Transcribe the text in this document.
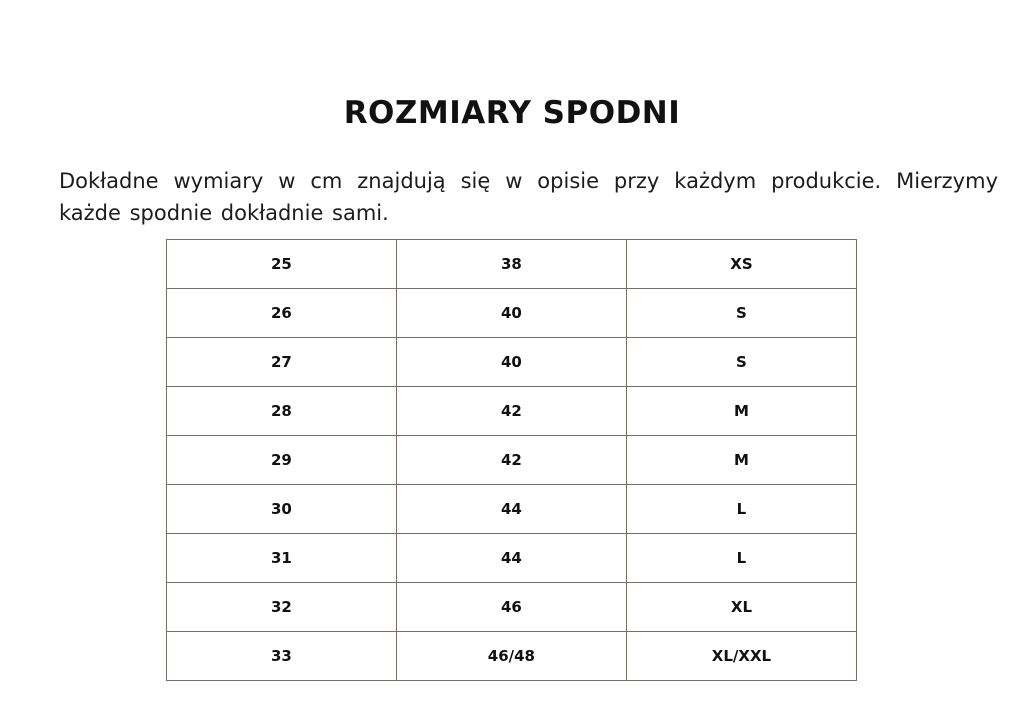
ROZMIARY SPODNI

Dokładne wymiary w cm znajdują się w opisie przy każdym produkcie. Mierzymy każde spodnie dokładnie sami.

25	38	XS
26	40	S
27	40	S
28	42	M
29	42	M
30	44	L
31	44	L
32	46	XL
33	46/48	XL/XXL
